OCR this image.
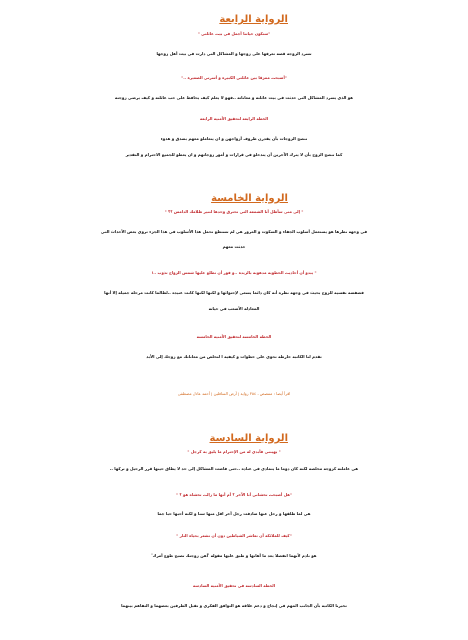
الرواية الرابعة
"ستكون حياتنا أجمل في بيت عائلتي "
تسرد الزوجة قصة تعرفها على زوجها و المشاكل التي دارت في بيت أهل زوجها
"أصبحت ممزقا بين عائلتي الكبيرة و أسرتي الصغيرة .."
هو الذي يسرد المشاكل التي حدثت في بيت عائلته و معاناته ..فهو لا يعلم كيف يحافظ على حب عائلته و كيف يرضي زوجته
الخطة الرابعة لتحقيق الأمنية الرابعة
تنصح الزوجات بأن يقدرن ظروف أزواجهن و ان يتعاملو معهم بصدق و هدوء
كما تنصح الزوج بأن لا يترك الآخرين أن يتدخلو في قرارات و أمور زوجاتهم و ان يعطو للجميع الاحترام و التقدير
الرواية الخامسة
" إلى متى سأظل أنا الشمعة التي تحترق وحدها لتنير ظلامك الدامس ؟؟ "
في وجهة نظرها هو يستعمل أسلوب الجفاء و السكوت و الغرور هي لم تستطع تحمل هذا الأسلوب في هذا الجزء تروي بعض الأحداث التي
حدثت معهم
" يبدو أن أحاديث الخطوبة مدهونة بالزبدة ..و فور أن تطلع عليها شمس الزواج تذوب ..!
فضفضة نفسية للزوج بحيث في وجهة نظره أنه كان دائما يسعى لإحتوائها و لكنها لكنها كانت عنيده ..لطالما كانت مرحله جميله إلا أنها
المعادله الأصعب في حياته
الخطة الخامسة لتحقيق الأمنية الخامسة
تقدم لنا الكاتبة خارطة تحوي على خطوات و كيفية ا لتخلص من معاناتك مع زوجك إلى الأبد
اقرأ أيضا : متنصص ، ٣٥٤ رواية | أرض السافلين | أحمد عادل مصطفى
الرواية السادسة
" يهينني فأبدي له من الإحترام ما يليق به كرجل "
هي عاملته كزوجة مخلصة لكنه كان دوما ما يتمادى في عناده ..حتى فاضت المشاكل إلى حد لا يطاق حينها قرر الرحيل و تركها ..
"هل أصبحت تخشاني أنا الآخر ؟ أم أنها ما زالت تخشاه هو ؟ "
هي لما طلقها و رحل عنها صادفت رجل آخر اقل منها سنا و لكنه أحبها حبا جما
"كيف للملائكة أن تعاشر الشياطين دون أن تشعر بحياة النار "
هو نادم لأنهما انفصلا بعد ما أهانها و طبق عليها مقولة 'أهن زوجتك تصبح طوع أمرك'
الخطة السادسة في تحقيق الأمنية السادسة
تخبرنا الكاتبة بأن الجانب المهم في إنجاح و دعم علاقة هو التوافق الفكري و تقبل الطرفين بعضهما و التفاهم بينهما
